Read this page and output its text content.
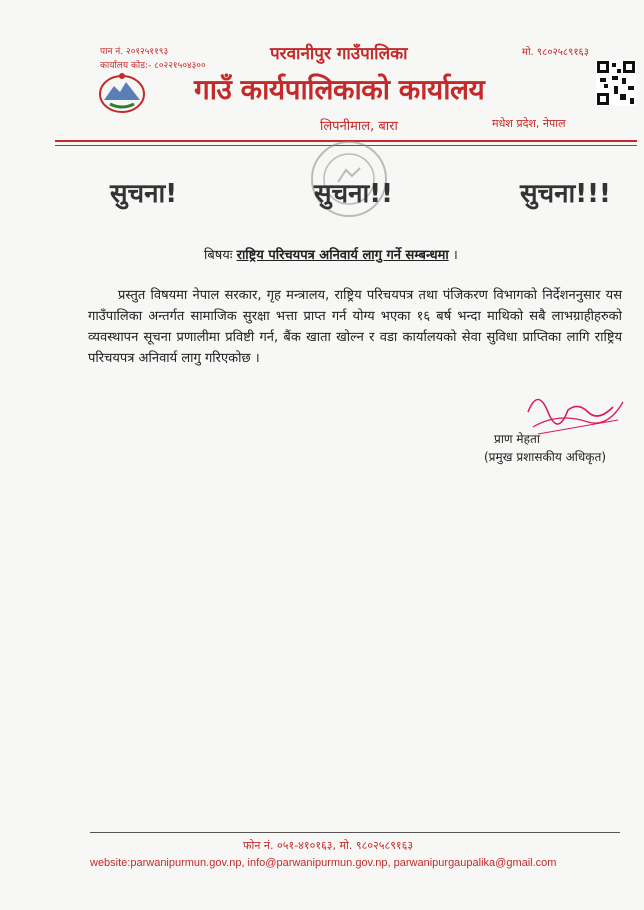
पान नं. २०१२५११९३
कार्यालय कोड:- ८०२२१५०४३००
मो. ९८०२५८९१६३
परवानीपुर गाउँपालिका
गाउँ कार्यपालिकाको कार्यालय
लिपनीमाल, बारा	मधेश प्रदेश, नेपाल
सुचना!	सुचना!!	सुचना!!!
बिषयः राष्ट्रिय परिचयपत्र अनिवार्य लागु गर्ने सम्बन्धमा ।
प्रस्तुत विषयमा नेपाल सरकार, गृह मन्त्रालय, राष्ट्रिय परिचयपत्र तथा पंजिकरण विभागको निर्देशननुसार यस गाउँपालिका अन्तर्गत सामाजिक सुरक्षा भत्ता प्राप्त गर्न योग्य भएका १६ बर्ष भन्दा माथिको सबै लाभग्राहीहरुको व्यवस्थापन सूचना प्रणालीमा प्रविष्टी गर्न, बैंक खाता खोल्न र वडा कार्यालयको सेवा सुविधा प्राप्तिका लागि राष्ट्रिय परिचयपत्र अनिवार्य लागु गरिएकोछ ।
प्राण मेहता
(प्रमुख प्रशासकीय अधिकृत)
फोन नं. ०५१-४१०१६३, मो. ९८०२५८९१६३
website:parwanipurmun.gov.np, info@parwanipurmun.gov.np, parwanipurgaupalika@gmail.com
